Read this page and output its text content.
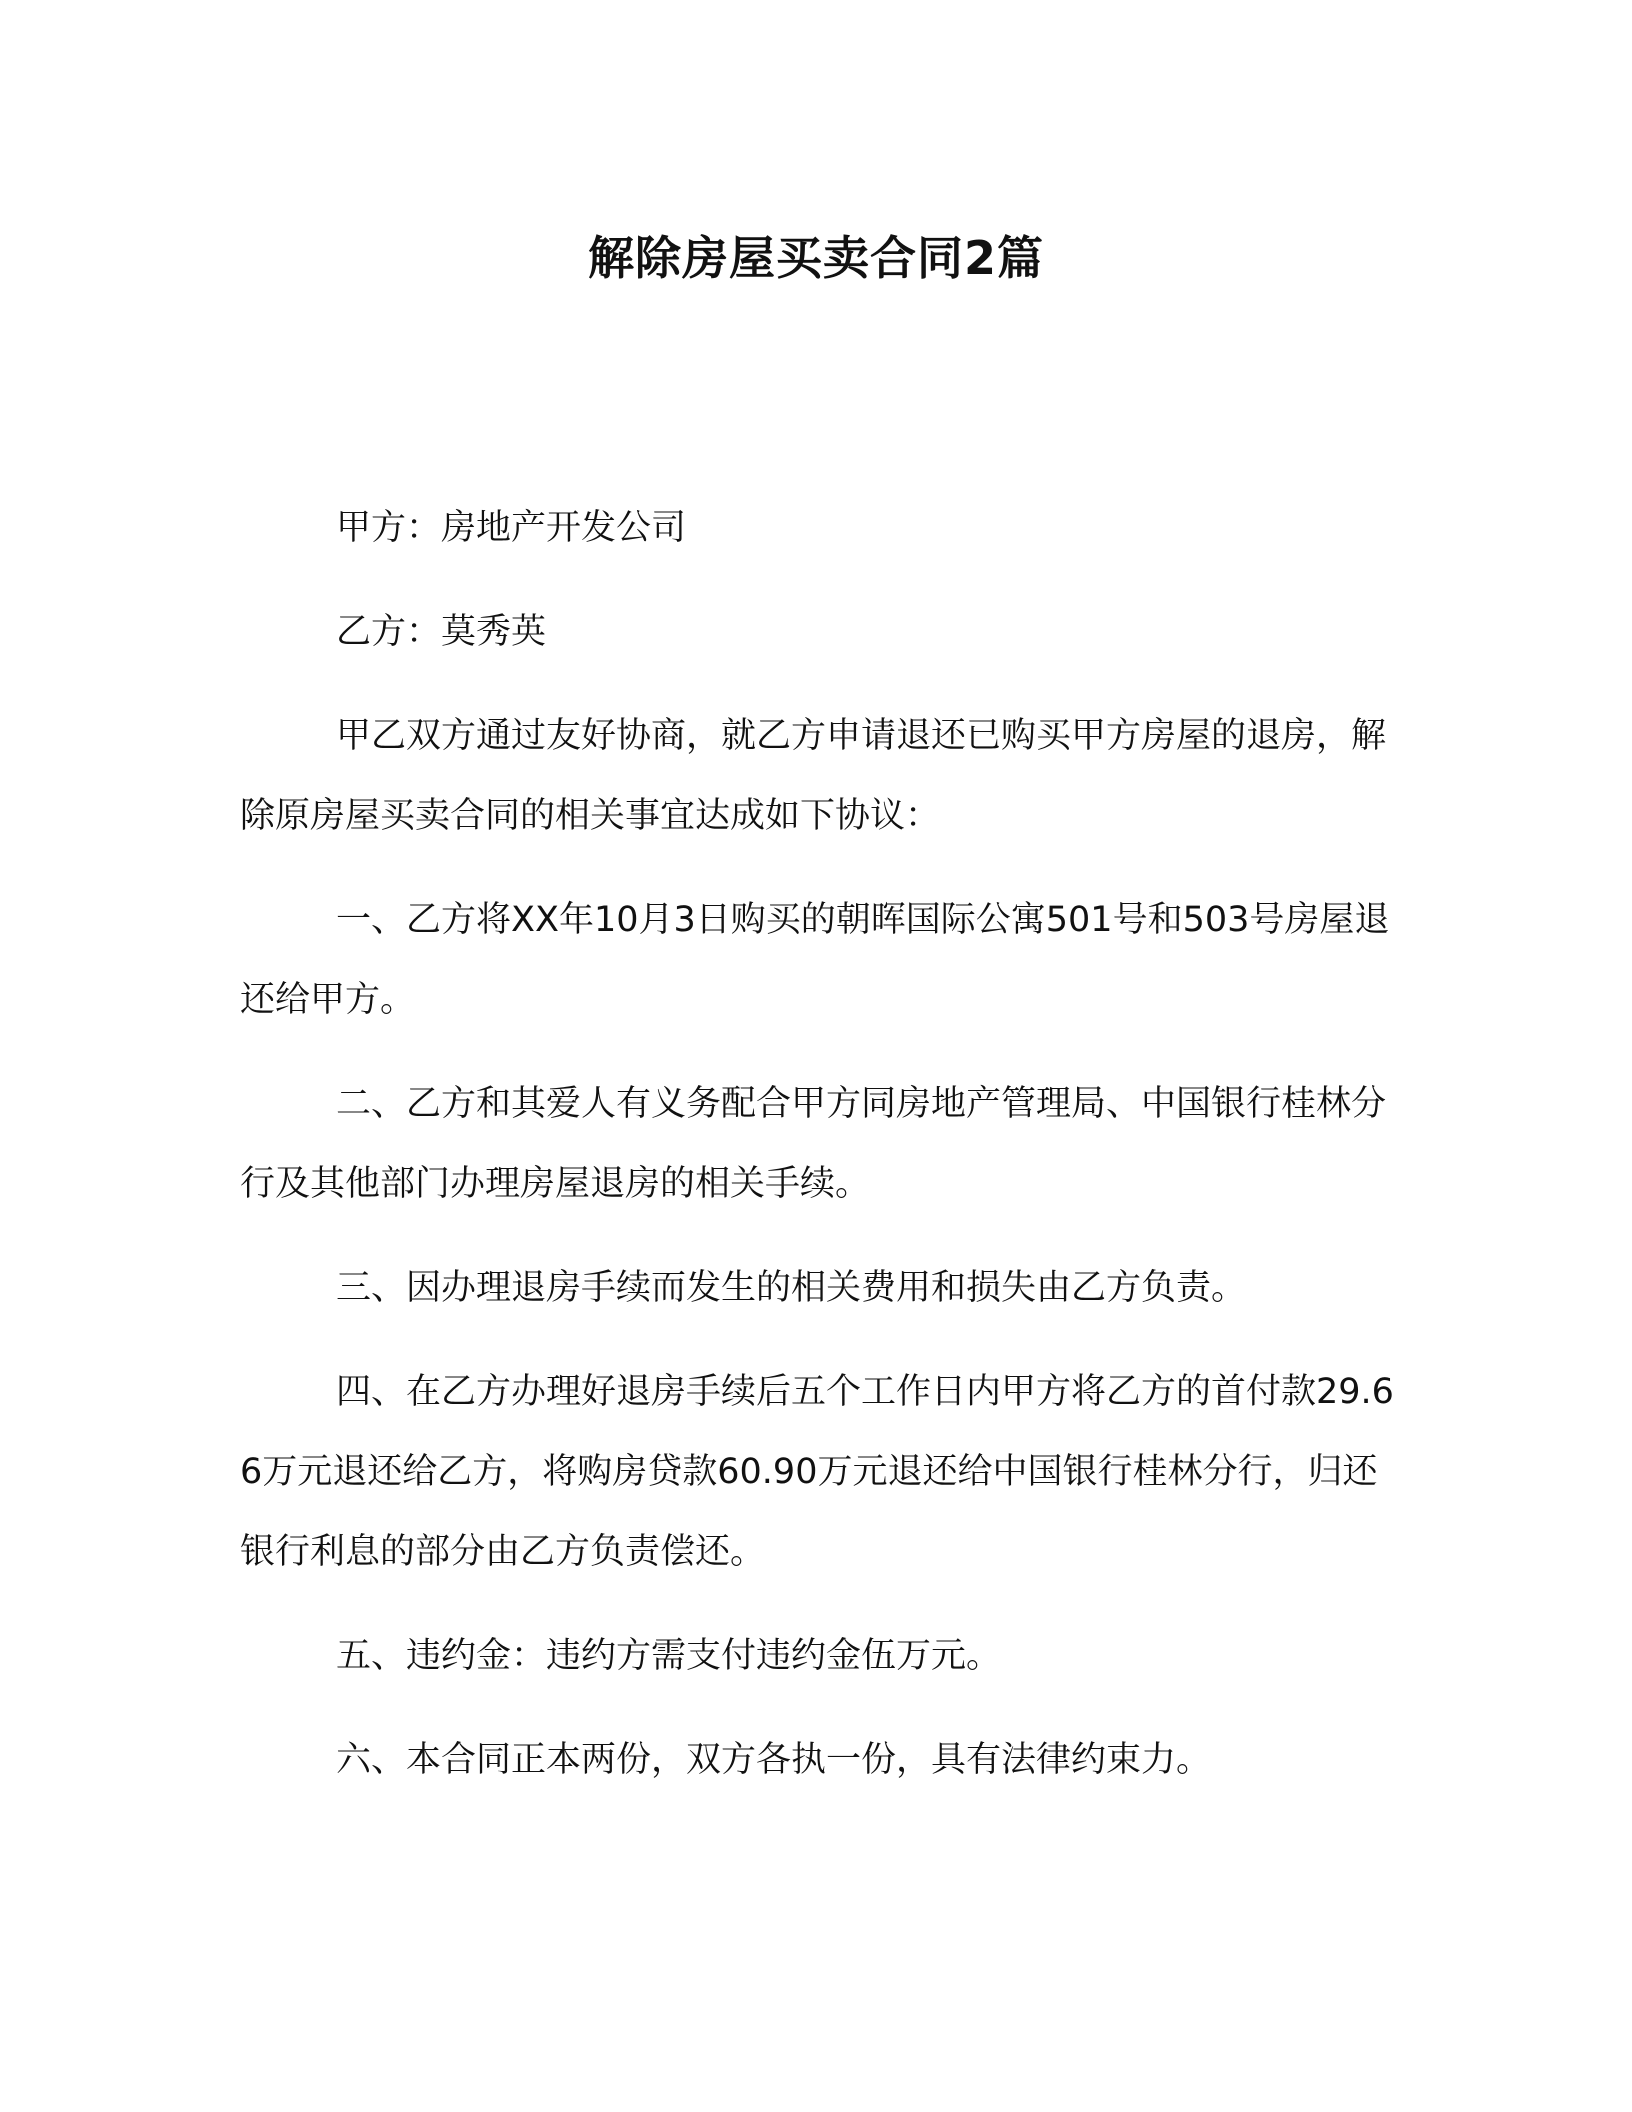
解除房屋买卖合同2篇

甲方：房地产开发公司

乙方：莫秀英

甲乙双方通过友好协商，就乙方申请退还已购买甲方房屋的退房，解除原房屋买卖合同的相关事宜达成如下协议：

一、乙方将XX年10月3日购买的朝晖国际公寓501号和503号房屋退还给甲方。

二、乙方和其爱人有义务配合甲方同房地产管理局、中国银行桂林分行及其他部门办理房屋退房的相关手续。

三、因办理退房手续而发生的相关费用和损失由乙方负责。

四、在乙方办理好退房手续后五个工作日内甲方将乙方的首付款29.66万元退还给乙方，将购房贷款60.90万元退还给中国银行桂林分行，归还银行利息的部分由乙方负责偿还。

五、违约金：违约方需支付违约金伍万元。

六、本合同正本两份，双方各执一份，具有法律约束力。
